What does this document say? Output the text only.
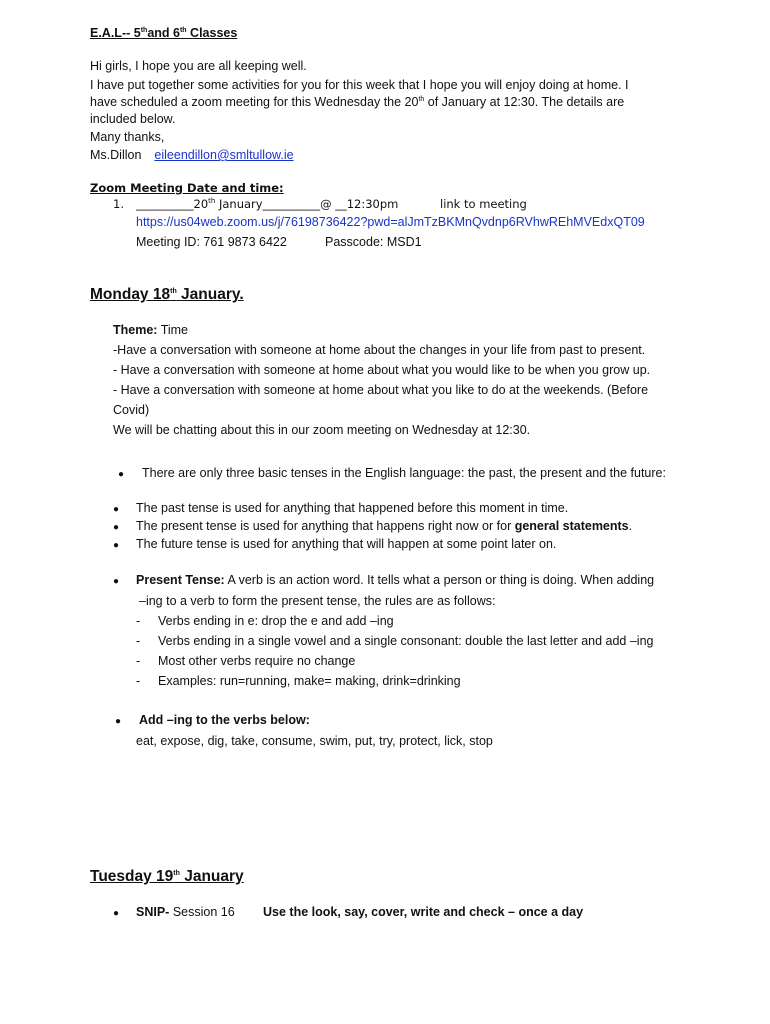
E.A.L-- 5thand 6th Classes
Hi girls, I hope you are all keeping well.
I have put together some activities for you for this week that I hope you will enjoy doing at home. I
have scheduled a zoom meeting for this Wednesday the 20th of January at 12:30. The details are
included below.
Many thanks,
Ms.Dillon eileendillon@smltullow.ie
Zoom Meeting Date and time:
1. __________20th January__________@ __12:30pm	link to meeting
https://us04web.zoom.us/j/76198736422?pwd=alJmTzBKMnQvdnp6RVhwREhMVEdxQT09
Meeting ID: 761 9873 6422	Passcode: MSD1
Monday 18th January.
Theme: Time
-Have a conversation with someone at home about the changes in your life from past to present.
- Have a conversation with someone at home about what you would like to be when you grow up.
- Have a conversation with someone at home about what you like to do at the weekends. (Before
Covid)
We will be chatting about this in our zoom meeting on Wednesday at 12:30.
● There are only three basic tenses in the English language: the past, the present and the future:
● The past tense is used for anything that happened before this moment in time.
● The present tense is used for anything that happens right now or for general statements.
● The future tense is used for anything that will happen at some point later on.
● Present Tense: A verb is an action word. It tells what a person or thing is doing. When adding
–ing to a verb to form the present tense, the rules are as follows:
- Verbs ending in e: drop the e and add –ing
- Verbs ending in a single vowel and a single consonant: double the last letter and add –ing
- Most other verbs require no change
- Examples: run=running, make= making, drink=drinking
● Add –ing to the verbs below:
eat, expose, dig, take, consume, swim, put, try, protect, lick, stop
Tuesday 19th January
● SNIP- Session 16 Use the look, say, cover, write and check – once a day
